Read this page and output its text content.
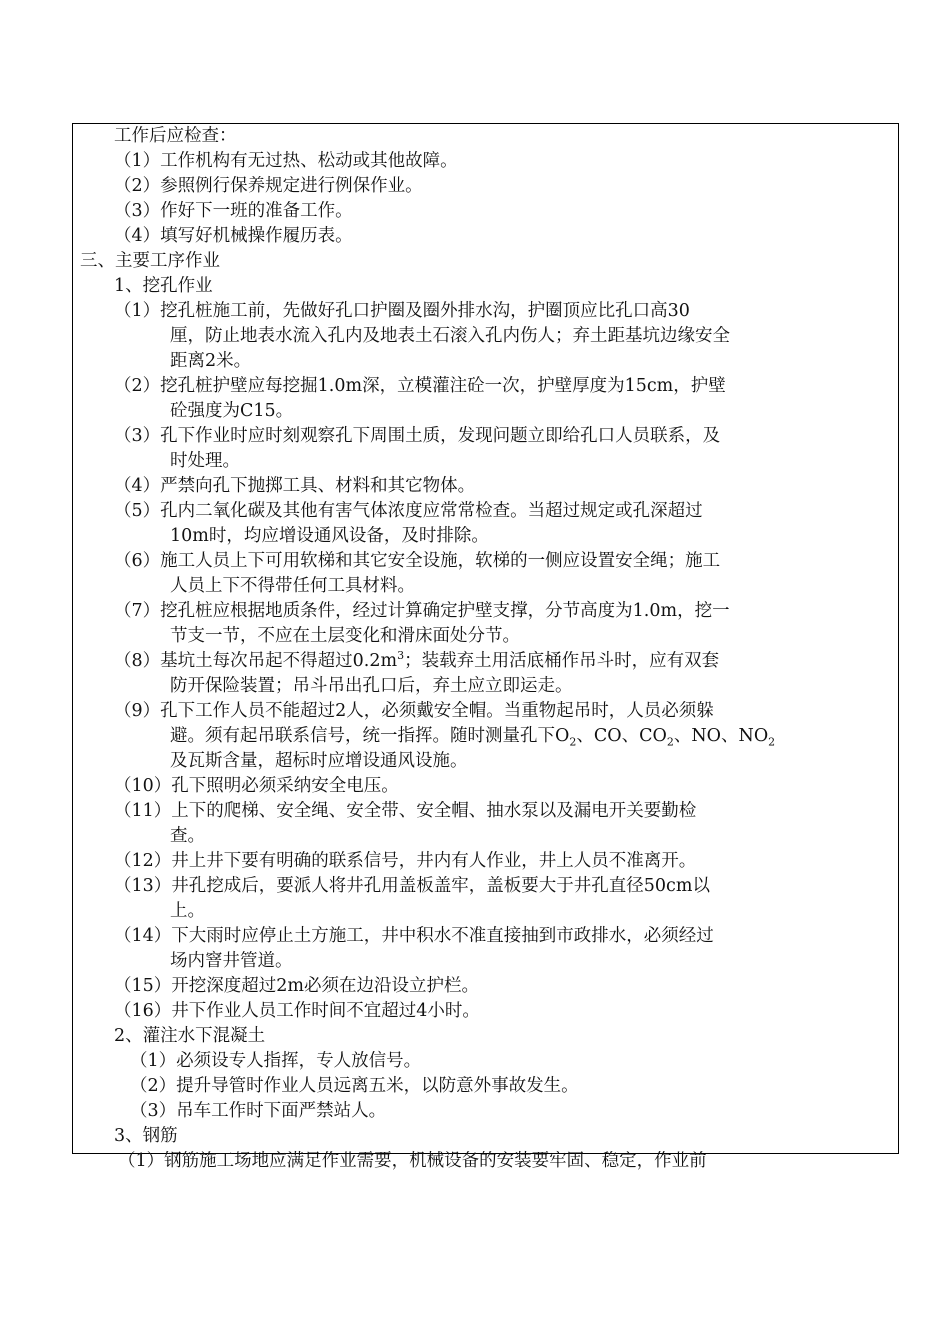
工作后应检查：
（1）工作机构有无过热、松动或其他故障。
（2）参照例行保养规定进行例保作业。
（3）作好下一班的准备工作。
（4）填写好机械操作履历表。
三、主要工序作业
1、挖孔作业
（1）挖孔桩施工前，先做好孔口护圈及圈外排水沟，护圈顶应比孔口高30
厘，防止地表水流入孔内及地表土石滚入孔内伤人；弃土距基坑边缘安全
距离2米。
（2）挖孔桩护壁应每挖掘1.0m深，立模灌注砼一次，护壁厚度为15cm，护壁
砼强度为C15。
（3）孔下作业时应时刻观察孔下周围土质，发现问题立即给孔口人员联系，及
时处理。
（4）严禁向孔下抛掷工具、材料和其它物体。
（5）孔内二氧化碳及其他有害气体浓度应常常检查。当超过规定或孔深超过
10m时，均应增设通风设备，及时排除。
（6）施工人员上下可用软梯和其它安全设施，软梯的一侧应设置安全绳；施工
人员上下不得带任何工具材料。
（7）挖孔桩应根据地质条件，经过计算确定护壁支撑，分节高度为1.0m，挖一
节支一节，不应在土层变化和滑床面处分节。
（8）基坑土每次吊起不得超过$0.2m^3$；装载弃土用活底桶作吊斗时，应有双套
防开保险装置；吊斗吊出孔口后，弃土应立即运走。
（9）孔下工作人员不能超过2人，必须戴安全帽。当重物起吊时，人员必须躲
避。须有起吊联系信号，统一指挥。随时测量孔下$O_2$、CO、$CO_2$、NO、$NO_2$
及瓦斯含量，超标时应增设通风设施。
（10）孔下照明必须采纳安全电压。
（11）上下的爬梯、安全绳、安全带、安全帽、抽水泵以及漏电开关要勤检
查。
（12）井上井下要有明确的联系信号，井内有人作业，井上人员不准离开。
（13）井孔挖成后，要派人将井孔用盖板盖牢，盖板要大于井孔直径50cm以
上。
（14）下大雨时应停止土方施工，井中积水不准直接抽到市政排水，必须经过
场内窨井管道。
（15）开挖深度超过2m必须在边沿设立护栏。
（16）井下作业人员工作时间不宜超过4小时。
2、灌注水下混凝土
（1）必须设专人指挥，专人放信号。
（2）提升导管时作业人员远离五米，以防意外事故发生。
（3）吊车工作时下面严禁站人。
3、钢筋
（1）钢筋施工场地应满足作业需要，机械设备的安装要牢固、稳定，作业前
